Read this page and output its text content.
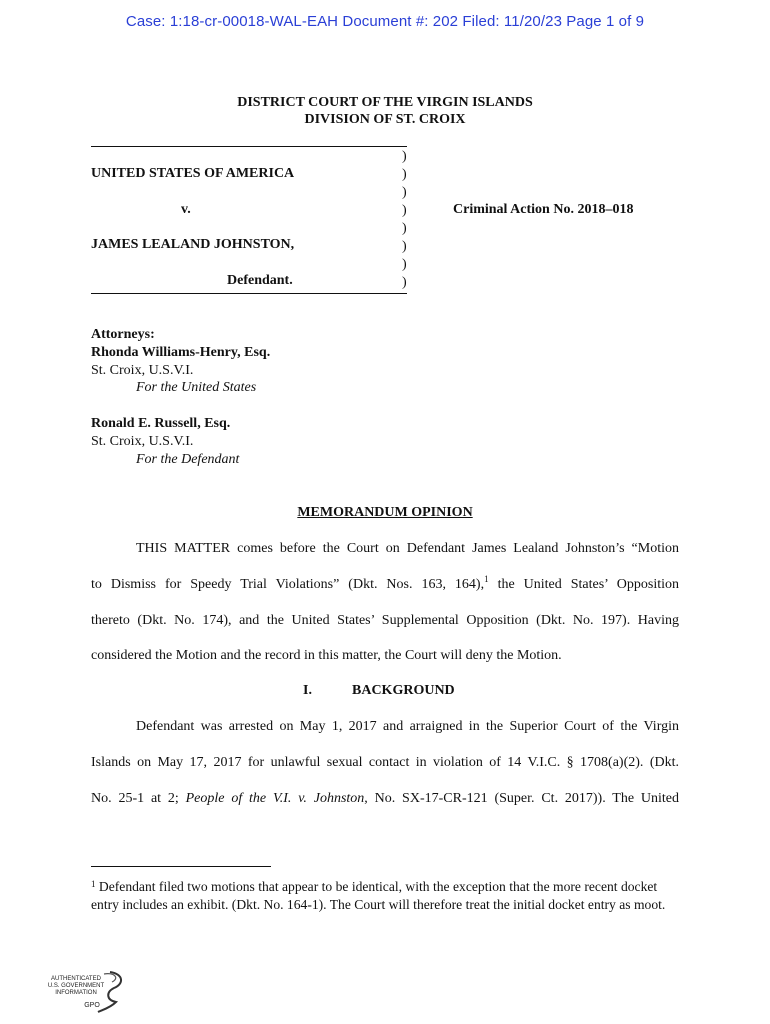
Case: 1:18-cr-00018-WAL-EAH Document #: 202 Filed: 11/20/23 Page 1 of 9
DISTRICT COURT OF THE VIRGIN ISLANDS
DIVISION OF ST. CROIX
)
)
)
)
)
)
)
)
UNITED STATES OF AMERICA
v.
JAMES LEALAND JOHNSTON,
Defendant.
Criminal Action No. 2018–018
Attorneys:
Rhonda Williams-Henry, Esq.
St. Croix, U.S.V.I.
For the United States
Ronald E. Russell, Esq.
St. Croix, U.S.V.I.
For the Defendant
MEMORANDUM OPINION
THIS MATTER comes before the Court on Defendant James Lealand Johnston’s “Motion
to Dismiss for Speedy Trial Violations” (Dkt. Nos. 163, 164),$^1$ the United States’ Opposition
thereto (Dkt. No. 174), and the United States’ Supplemental Opposition (Dkt. No. 197). Having
considered the Motion and the record in this matter, the Court will deny the Motion.
I.	BACKGROUND
Defendant was arrested on May 1, 2017 and arraigned in the Superior Court of the Virgin
Islands on May 17, 2017 for unlawful sexual contact in violation of 14 V.I.C. § 1708(a)(2). (Dkt.
No. 25-1 at 2; People of the V.I. v. Johnston, No. SX-17-CR-121 (Super. Ct. 2017)). The United
$^1$ Defendant filed two motions that appear to be identical, with the exception that the more recent docket entry includes an exhibit. (Dkt. No. 164-1). The Court will therefore treat the initial docket entry as moot.
AUTHENTICATED
U.S. GOVERNMENT
INFORMATION
GPO
